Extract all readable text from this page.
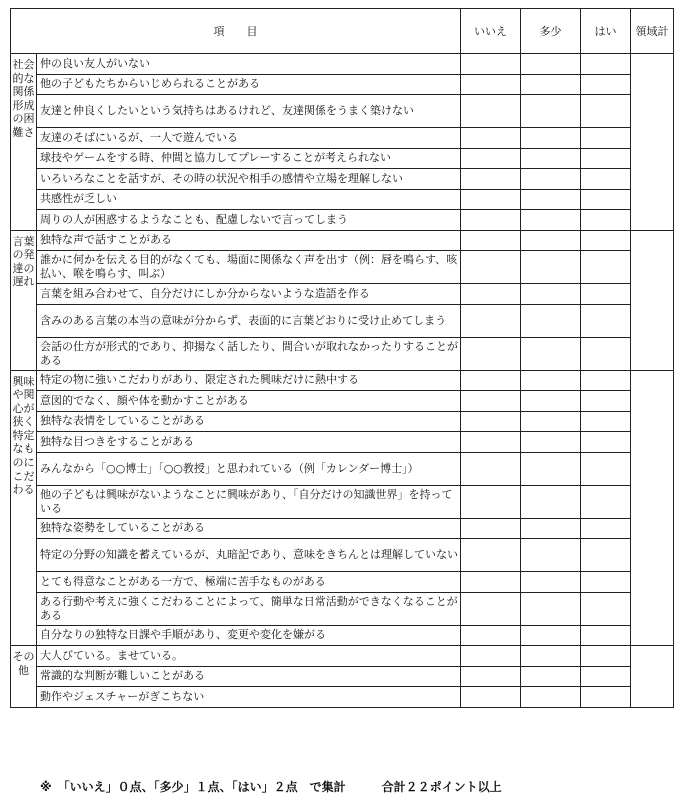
項　　目		いいえ	多少	はい	領域計

社会的な関係形成の困難さ	仲の良い友人がいない				
	他の子どもたちからいじめられることがある				
	友達と仲良くしたいという気持ちはあるけれど、友達関係をうまく築けない				
	友達のそばにいるが、一人で遊んでいる				
	球技やゲームをする時、仲間と協力してプレーすることが考えられない				
	いろいろなことを話すが、その時の状況や相手の感情や立場を理解しない				
	共感性が乏しい				
	周りの人が困惑するようなことも、配慮しないで言ってしまう				

言葉の発達の遅れ	独特な声で話すことがある				
	誰かに何かを伝える目的がなくても、場面に関係なく声を出す（例：唇を鳴らす、咳払い、喉を鳴らす、叫ぶ）				
	言葉を組み合わせて、自分だけにしか分からないような造語を作る				
	含みのある言葉の本当の意味が分からず、表面的に言葉どおりに受け止めてしまう				
	会話の仕方が形式的であり、抑揚なく話したり、間合いが取れなかったりすることがある				

興味や関心が狭く特定なものにこだわる	特定の物に強いこだわりがあり、限定された興味だけに熱中する				
	意図的でなく、顔や体を動かすことがある				
	独特な表情をしていることがある				
	独特な目つきをすることがある				
	みんなから「○○博士」「○○教授」と思われている（例「カレンダー博士」）				
	他の子どもは興味がないようなことに興味があり、「自分だけの知識世界」を持っている				
	独特な姿勢をしていることがある				
	特定の分野の知識を蓄えているが、丸暗記であり、意味をきちんとは理解していない				
	とても得意なことがある一方で、極端に苦手なものがある				
	ある行動や考えに強くこだわることによって、簡単な日常活動ができなくなることがある				
	自分なりの独特な日課や手順があり、変更や変化を嫌がる				

その他	大人びている。ませている。				
	常識的な判断が難しいことがある				
	動作やジェスチャーがぎこちない				
※　「いいえ」０点、「多少」１点、「はい」２点　で集計	合計２２ポイント以上
